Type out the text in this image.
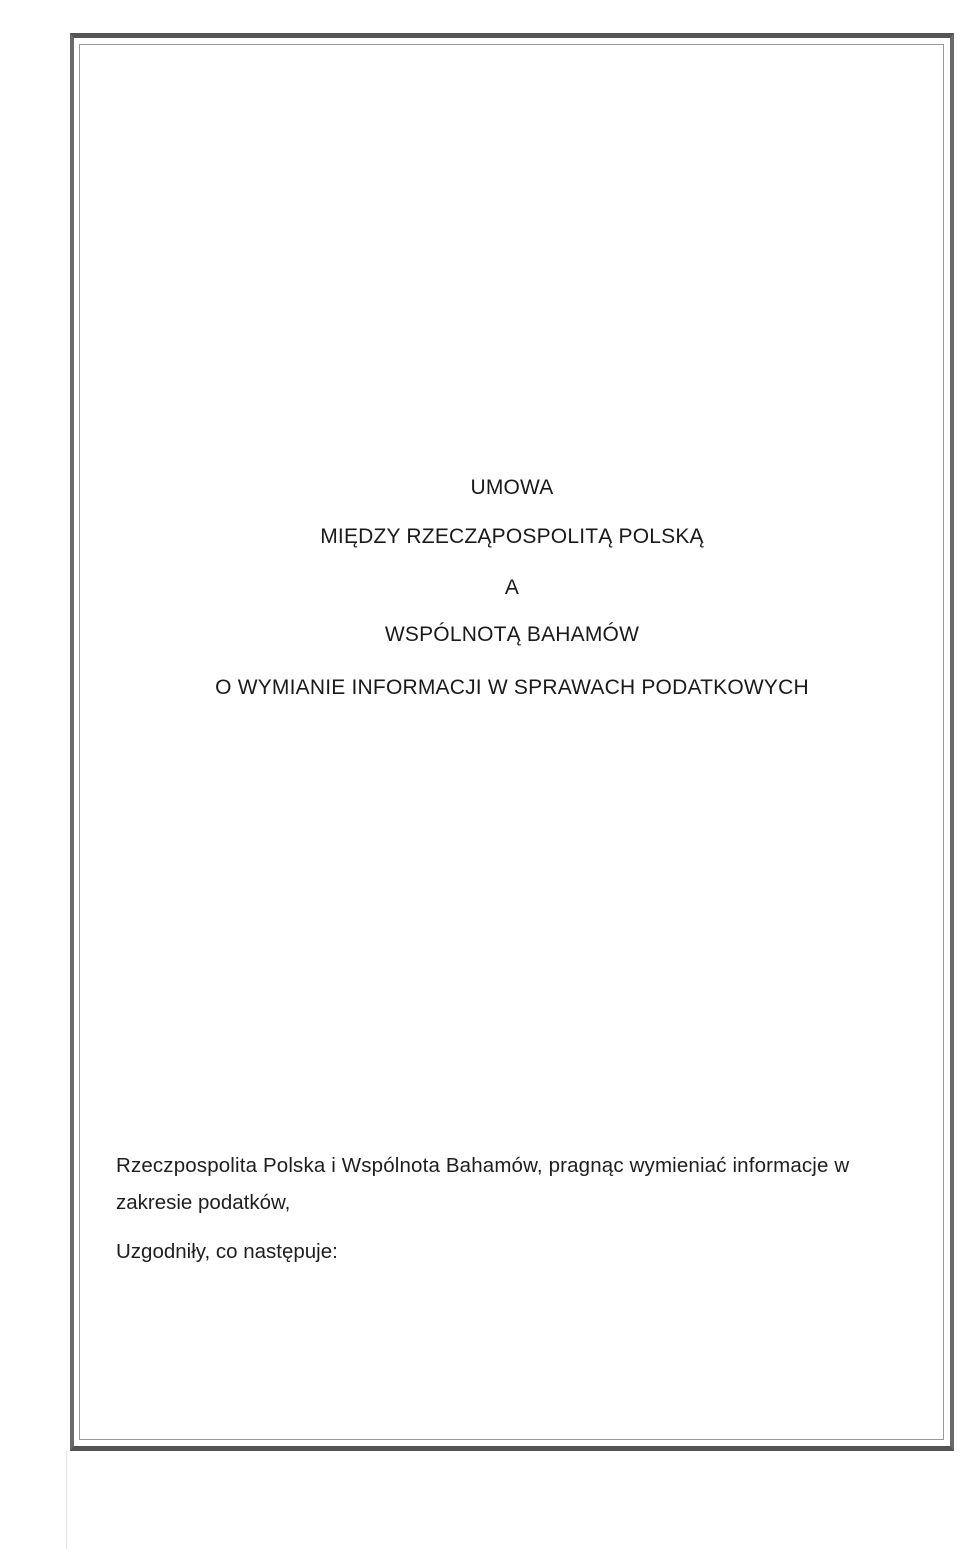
UMOWA
MIĘDZY RZECZĄPOSPOLITĄ POLSKĄ
A
WSPÓLNOTĄ BAHAMÓW
O WYMIANIE INFORMACJI W SPRAWACH PODATKOWYCH
Rzeczpospolita Polska i Wspólnota Bahamów, pragnąc wymieniać informacje w
zakresie podatków,
Uzgodniły, co następuje:
